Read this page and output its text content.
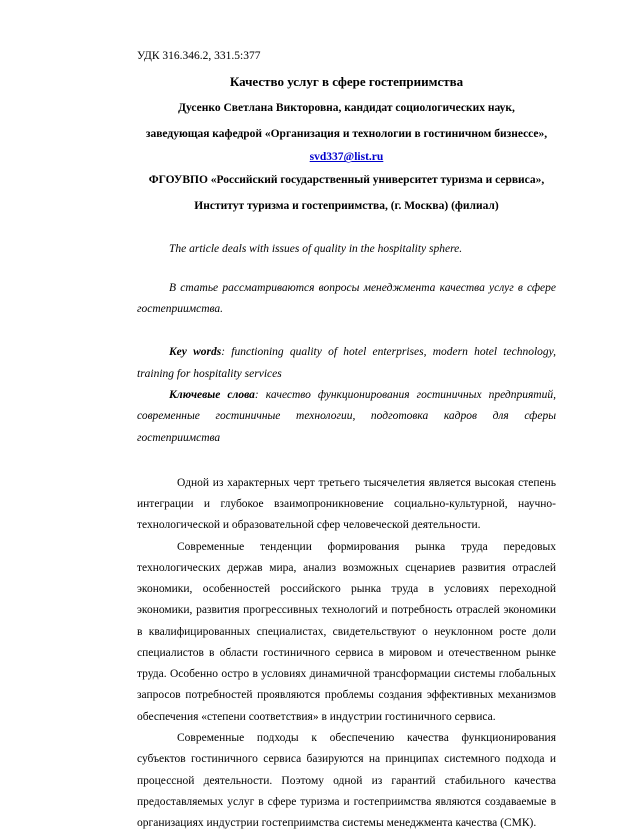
УДК 316.346.2, 331.5:377

Качество услуг в сфере гостеприимства

Дусенко Светлана Викторовна, кандидат социологических наук,

заведующая кафедрой «Организация и технологии в гостиничном бизнессе»,

svd337@list.ru

ФГОУВПО «Российский государственный университет туризма и сервиса»,

Институт туризма и гостеприимства, (г. Москва) (филиал)

The article deals with issues of quality in the hospitality sphere.

В статье рассматриваются вопросы менеджмента качества услуг в сфере гостеприимства.

Key words: functioning quality of hotel enterprises, modern hotel technology, training for hospitality services

Ключевые слова: качество функционирования гостиничных предприятий, современные гостиничные технологии, подготовка кадров для сферы гостеприимства

Одной из характерных черт третьего тысячелетия является высокая степень интеграции и глубокое взаимопроникновение социально-культурной, научно-технологической и образовательной сфер человеческой деятельности.

Современные тенденции формирования рынка труда передовых технологических держав мира, анализ возможных сценариев развития отраслей экономики, особенностей российского рынка труда в условиях переходной экономики, развития прогрессивных технологий и потребность отраслей экономики в квалифицированных специалистах, свидетельствуют о неуклонном росте доли специалистов в области гостиничного сервиса в мировом и отечественном рынке труда. Особенно остро в условиях динамичной трансформации системы глобальных запросов потребностей проявляются проблемы создания эффективных механизмов обеспечения «степени соответствия» в индустрии гостиничного сервиса.

Современные подходы к обеспечению качества функционирования субъектов гостиничного сервиса базируются на принципах системного подхода и процессной деятельности. Поэтому одной из гарантий стабильного качества предоставляемых услуг в сфере туризма и гостеприимства являются создаваемые в организациях индустрии гостеприимства системы менеджмента качества (СМК).
